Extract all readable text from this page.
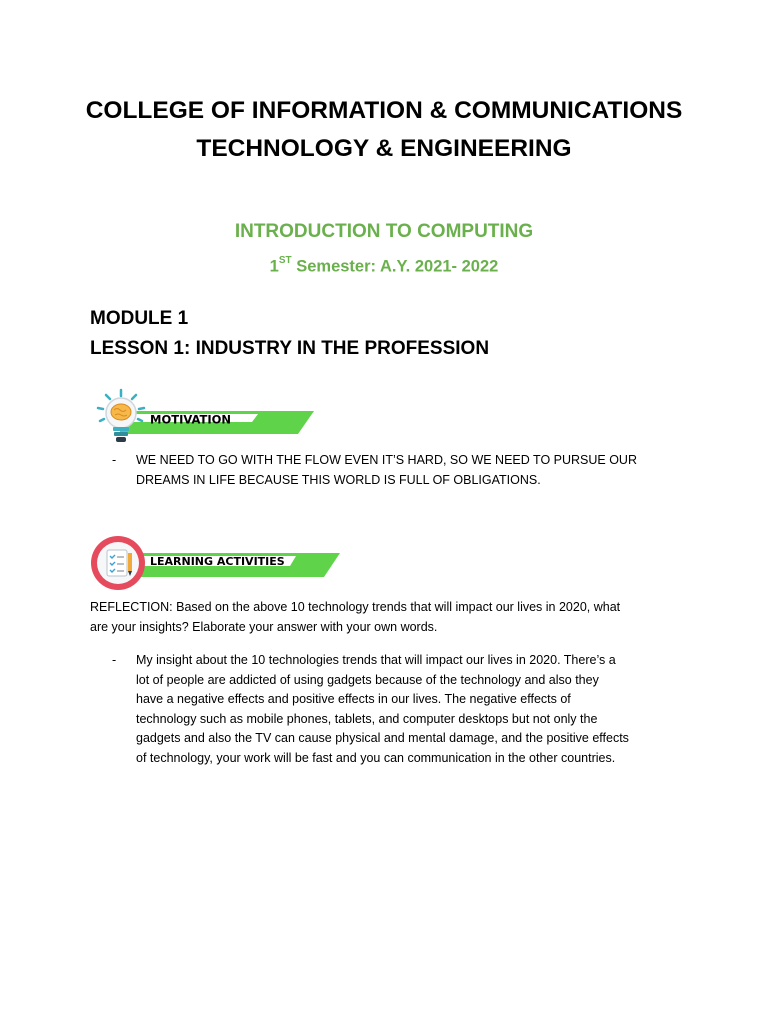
COLLEGE OF INFORMATION & COMMUNICATIONS
TECHNOLOGY & ENGINEERING
INTRODUCTION TO COMPUTING
1ST Semester: A.Y. 2021- 2022
MODULE 1
LESSON 1: INDUSTRY IN THE PROFESSION
MOTIVATION
- WE NEED TO GO WITH THE FLOW EVEN IT’S HARD, SO WE NEED TO PURSUE OUR
DREAMS IN LIFE BECAUSE THIS WORLD IS FULL OF OBLIGATIONS.
LEARNING ACTIVITIES
REFLECTION: Based on the above 10 technology trends that will impact our lives in 2020, what
are your insights? Elaborate your answer with your own words.
- My insight about the 10 technologies trends that will impact our lives in 2020. There’s a
lot of people are addicted of using gadgets because of the technology and also they
have a negative effects and positive effects in our lives. The negative effects of
technology such as mobile phones, tablets, and computer desktops but not only the
gadgets and also the TV can cause physical and mental damage, and the positive effects
of technology, your work will be fast and you can communication in the other countries.
